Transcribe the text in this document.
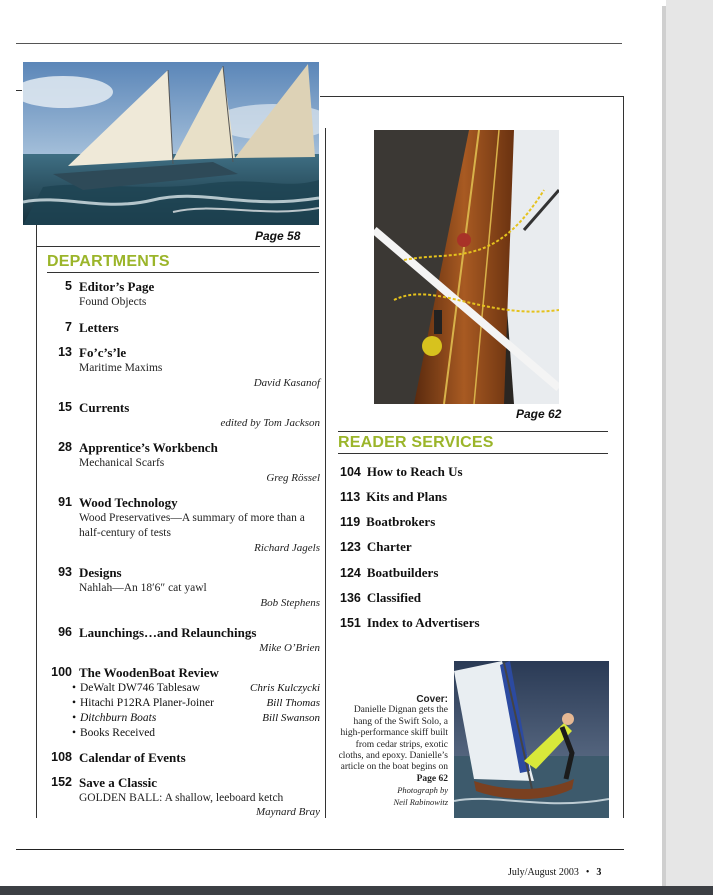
Page 58
Page 62
DEPARTMENTS
5 Editor’s Page
Found Objects
7 Letters
13 Fo’c’s’le
Maritime Maxims
David Kasanof
15 Currents
edited by Tom Jackson
28 Apprentice’s Workbench
Mechanical Scarfs
Greg Rössel
91 Wood Technology
Wood Preservatives—A summary of more than a half-century of tests
Richard Jagels
93 Designs
Nahlah—An 18′6″ cat yawl
Bob Stephens
96 Launchings…and Relaunchings
Mike O’Brien
100 The WoodenBoat Review
• DeWalt DW746 Tablesaw
• Hitachi P12RA Planer-Joiner
• Ditchburn Boats
• Books Received
Chris Kulczycki
Bill Thomas
Bill Swanson
108 Calendar of Events
152 Save a Classic
GOLDEN BALL: A shallow, leeboard ketch
Maynard Bray
READER SERVICES
104 How to Reach Us
113 Kits and Plans
119 Boatbrokers
123 Charter
124 Boatbuilders
136 Classified
151 Index to Advertisers
Cover:
Danielle Dignan gets the hang of the Swift Solo, a high-performance skiff built from cedar strips, exotic cloths, and epoxy. Danielle’s article on the boat begins on
Page 62
Photograph by
Neil Rabinowitz
July/August 2003 • 3
